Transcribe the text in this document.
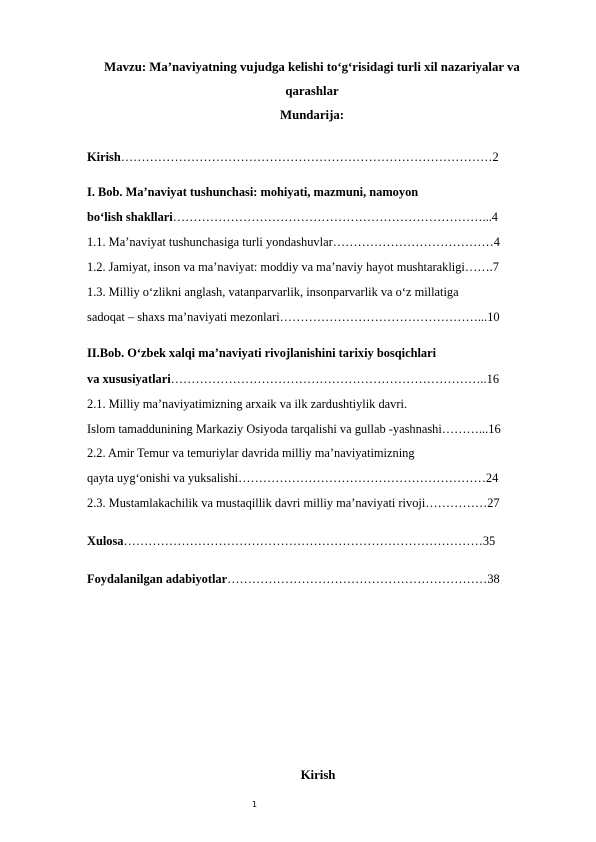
Mavzu: Ma’naviyatning vujudga kelishi to‘g‘risidagi turli xil nazariyalar va
qarashlar
Mundarija:
Kirish………………………………………………………………………………2
I. Bob. Ma’naviyat tushunchasi: mohiyati, mazmuni, namoyon
bo‘lish shakllari…………………………………………………………………...4
1.1. Ma’naviyat tushunchasiga turli yondashuvlar…………………………………4
1.2. Jamiyat, inson va ma’naviyat: moddiy va ma’naviy hayot mushtarakligi…….7
1.3. Milliy o‘zlikni anglash, vatanparvarlik, insonparvarlik va o‘z millatiga
sadoqat – shaxs ma’naviyati mezonlari…………………………………………...10
II.Bob. O‘zbek xalqi ma’naviyati rivojlanishini tarixiy bosqichlari
va xususiyatlari…………………………………………………………………..16
2.1. Milliy ma’naviyatimizning arxaik va ilk zardushtiylik davri.
Islom tamaddunining Markaziy Osiyoda tarqalishi va gullab -yashnashi………...16
2.2. Amir Temur va temuriylar davrida milliy ma’naviyatimizning
qayta uyg‘onishi va yuksalishi……………………………………………………24
2.3. Mustamlakachilik va mustaqillik davri milliy ma’naviyati rivoji……………27
Xulosa……………………………………………………………………………35
Foydalanilgan adabiyotlar………………………………………………………38
Kirish
1
